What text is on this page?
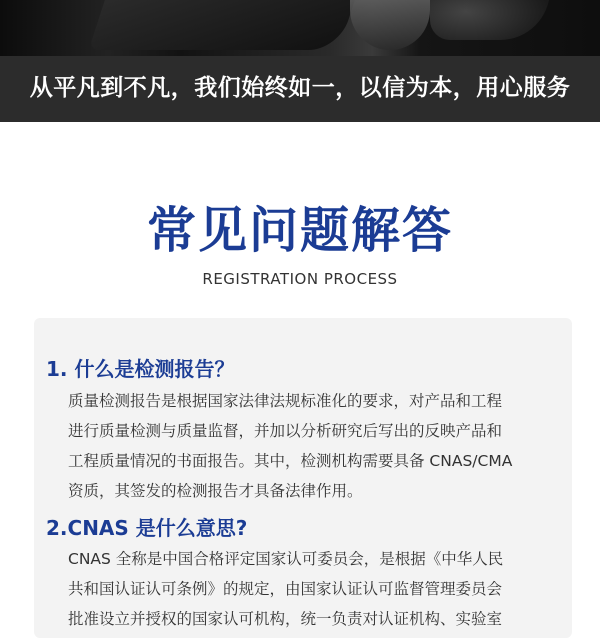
从平凡到不凡，我们始终如一，以信为本，用心服务
常见问题解答
REGISTRATION PROCESS
1. 什么是检测报告？
质量检测报告是根据国家法律法规标准化的要求，对产品和工程
进行质量检测与质量监督，并加以分析研究后写出的反映产品和
工程质量情况的书面报告。其中，检测机构需要具备 CNAS/CMA
资质，其签发的检测报告才具备法律作用。
2.CNAS 是什么意思?
CNAS 全称是中国合格评定国家认可委员会，是根据《中华人民
共和国认证认可条例》的规定，由国家认证认可监督管理委员会
批准设立并授权的国家认可机构，统一负责对认证机构、实验室
